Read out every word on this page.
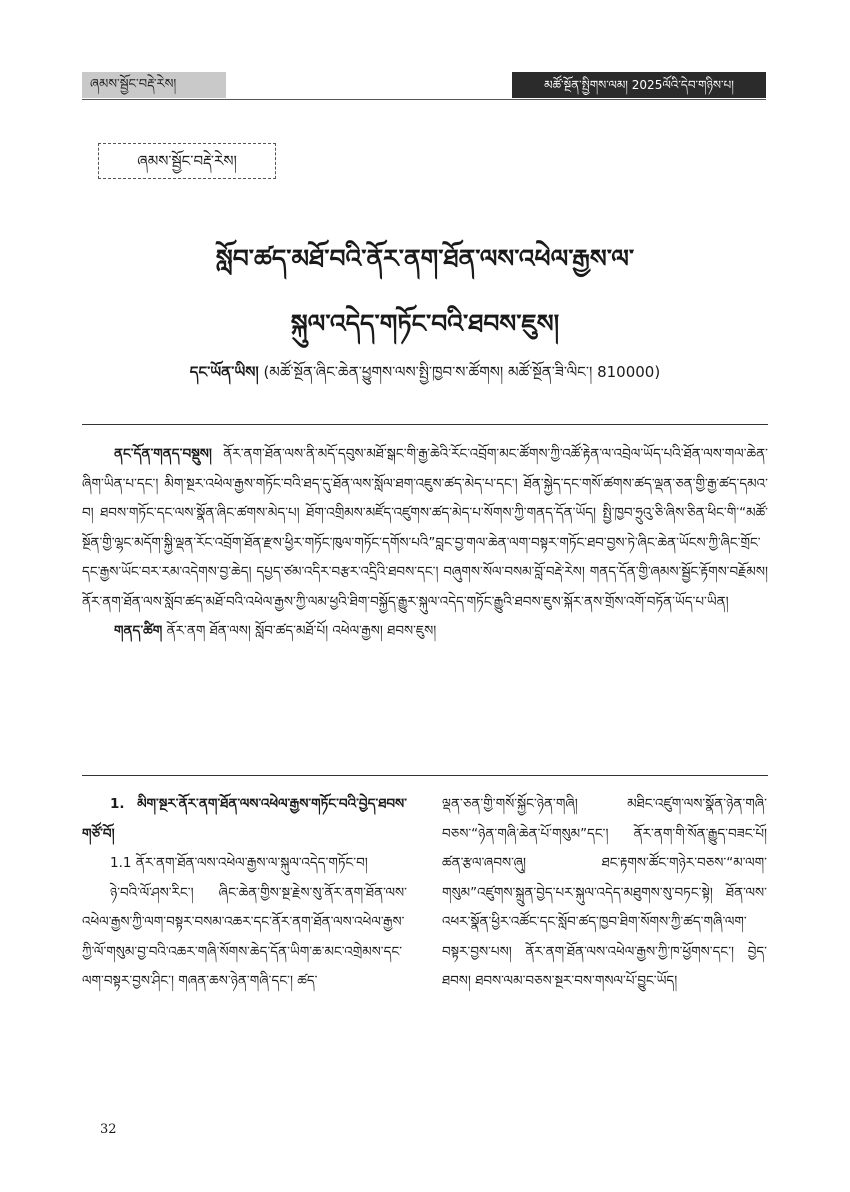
ཞམས་སྦྱོང་བརྡེ་རེས།	མཚོ་སྔོན་སྤྱིགས་ལམ། 2025ལོའི་དེབ་གཉིས་པ།
ཞམས་སྦྱོང་བརྡེ་རེས།
སློབ་ཚད་མཐོ་བའི་ནོར་ནག་ཐོན་ལས་འཕེལ་རྒྱས་ལ་
སྐུལ་འདེད་གཏོང་བའི་ཐབས་ཇུས།
དང་ཡོན་ཡིས། (མཚོ་སྔོན་ཞིང་ཆེན་ཕྱུགས་ལས་སྤྱི་ཁྱབ་ས་ཚོགས། མཚོ་སྔོན་ཟི་ལིང་། 810000)

ནང་དོན་གནད་བསྡུས། ནོར་ནག་ཐོན་ལས་ནི་མདོ་དབུས་མཐོ་སྒང་གི་རྒྱ་ཆེའི་རོང་འབྲོག་མང་ཚོགས་ཀྱི་འཚོ་རྟེན་ལ་འབྲེལ་ཡོད་པའི་ཐོན་ལས་གལ་ཆེན་ཞིག་ཡིན་པ་དང་། མིག་སྔར་འཕེལ་རྒྱས་གཏོང་བའི་ཐད་དུ་ཐོན་ལས་སློལ་ཐག་འཇུས་ཚད་མེད་པ་དང་། ཐོན་སྐྱེད་དང་གསོ་ཚགས་ཚད་ལྡན་ཅན་གྱི་རྒྱ་ཚད་དམའ་བ། ཐབས་གཏོང་དང་ལས་སྣོན་ཞིང་ཚགས་མེད་པ། ཐོག་འགྲིམས་མཛོད་འཛུགས་ཚད་མེད་པ་སོགས་ཀྱི་གནད་དོན་ཡོད། སྤྱི་ཁྱབ་ཧྲུའུ་ཅི་ཞིས་ཅིན་ཕིང་གི་“མཚོ་སྔོན་གྱི་ལྷང་མདོག་སྐྱི་ལྡན་རོང་འབྲོག་ཐོན་རྫས་ཕྱིར་གཏོང་ཁུལ་གཏོང་དགོས་པའི”བླང་བྱ་གལ་ཆེན་ལག་བསྟར་གཏོང་ཐབ་བྱས་ཏེ་ཞིང་ཆེན་ཡོངས་ཀྱི་ཞིང་གྲོང་དང་རྒྱས་ཡོང་བར་རམ་འདེགས་བྱ་ཆེད། དཔྱད་ཙམ་འདིར་བརྩར་འདྲིའི་ཐབས་དང་། བཞུགས་སོལ་བསམ་བློ་བརྡེ་རེས། གནད་དོན་གྱི་ཞམས་སྦྱོང་རྟོགས་བརྗོམས། ནོར་ནག་ཐོན་ལས་སློབ་ཚད་མཐོ་བའི་འཕེལ་རྒྱས་ཀྱི་ལམ་ཕྱའི་ཐིག་བསྐྱོད་རྒྱུར་སྐུལ་འདེད་གཏོང་རྒྱུའི་ཐབས་ཇུས་སྐོར་ནས་གྲོས་འགོ་བཏོན་ཡོད་པ་ཡིན།

གནད་ཚིག ནོར་ནག ཐོན་ལས། སློབ་ཚད་མཐོ་པོ། འཕེལ་རྒྱས། ཐབས་ཇུས།

1. མིག་སྔར་ནོར་ནག་ཐོན་ལས་འཕེལ་རྒྱས་གཏོང་བའི་བྱེད་ཐབས་གཙོ་བོ།

1.1 ནོར་ནག་ཐོན་ལས་འཕེལ་རྒྱས་ལ་སྐུལ་འདེད་གཏོང་བ།

ཉེ་བའི་ལོ་ཤས་རིང་། ཞིང་ཆེན་གྱིས་སྔ་རྗེས་སུ་ནོར་ནག་ཐོན་ལས་འཕེལ་རྒྱས་ཀྱི་ལག་བསྟར་བསམ་འཆར་དང་ནོར་ནག་ཐོན་ལས་འཕེལ་རྒྱས་ཀྱི་ལོ་གསུམ་བྱ་བའི་འཆར་གཞི་སོགས་ཆེད་དོན་ཡིག་ཆ་མང་འགྲེམས་དང་ལག་བསྟར་བྱས་ཤིང་། གཞན་ཆས་ཉེན་གཞི་དང་། ཚད་

ལྡན་ཅན་གྱི་གསོ་སྐྱོང་ཉེན་གཞི། མཐིང་འཛུག་ལས་སྣོན་ཉེན་གཞི་བཅས་“ཉེན་གཞི་ཆེན་པོ་གསུམ”དང་། ནོར་ནག་གི་སོན་རྒྱུད་བཟང་པོ། ཚན་རྩལ་ཞབས་ཞུ། ཐང་རྟགས་ཚོང་གཉེར་བཅས་“མ་ལག་གསུམ”འཛུགས་སྐྲུན་བྱེད་པར་སྐུལ་འདེད་མཐུགས་སུ་བཏང་སྟེ། ཐོན་ལས་འཕར་སྣོན་ཕྱིར་འཚོང་དང་སློབ་ཚད་ཁྱབ་ཐིག་སོགས་ཀྱི་ཚད་གཞི་ལག་བསྟར་བྱས་པས། ནོར་ནག་ཐོན་ལས་འཕེལ་རྒྱས་ཀྱི་ཁ་ཕྱོགས་དང་། བྱེད་ཐབས། ཐབས་ལམ་བཅས་སྔར་བས་གསལ་པོ་བྱུང་ཡོད།

32
